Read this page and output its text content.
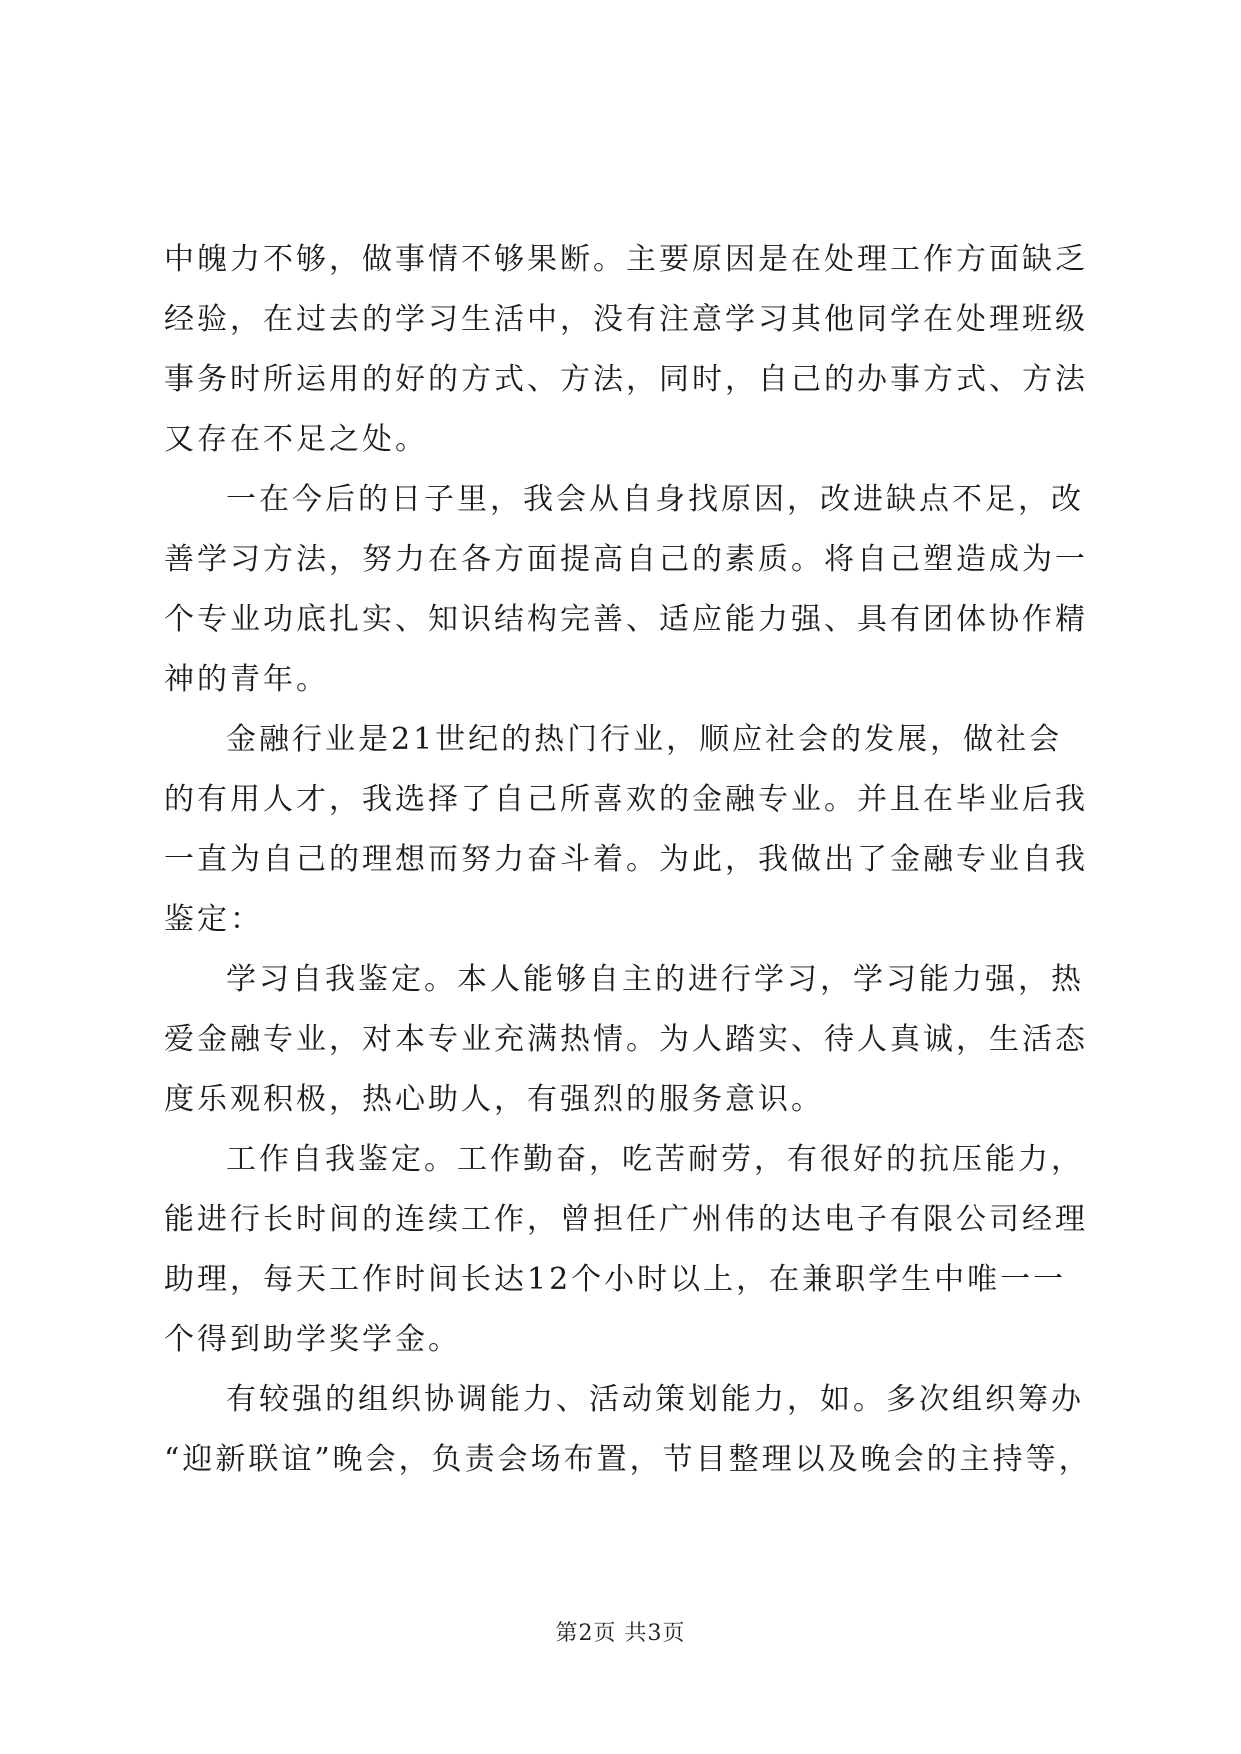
中魄力不够，做事情不够果断。主要原因是在处理工作方面缺乏
经验，在过去的学习生活中，没有注意学习其他同学在处理班级
事务时所运用的好的方式、方法，同时，自己的办事方式、方法
又存在不足之处。

一在今后的日子里，我会从自身找原因，改进缺点不足，改
善学习方法，努力在各方面提高自己的素质。将自己塑造成为一
个专业功底扎实、知识结构完善、适应能力强、具有团体协作精
神的青年。

金融行业是21世纪的热门行业，顺应社会的发展，做社会
的有用人才，我选择了自己所喜欢的金融专业。并且在毕业后我
一直为自己的理想而努力奋斗着。为此，我做出了金融专业自我
鉴定：

学习自我鉴定。本人能够自主的进行学习，学习能力强，热
爱金融专业，对本专业充满热情。为人踏实、待人真诚，生活态
度乐观积极，热心助人，有强烈的服务意识。

工作自我鉴定。工作勤奋，吃苦耐劳，有很好的抗压能力，
能进行长时间的连续工作，曾担任广州伟的达电子有限公司经理
助理，每天工作时间长达12个小时以上，在兼职学生中唯一一
个得到助学奖学金。

有较强的组织协调能力、活动策划能力，如。多次组织筹办
“迎新联谊”晚会，负责会场布置，节目整理以及晚会的主持等，

第2页 共3页
